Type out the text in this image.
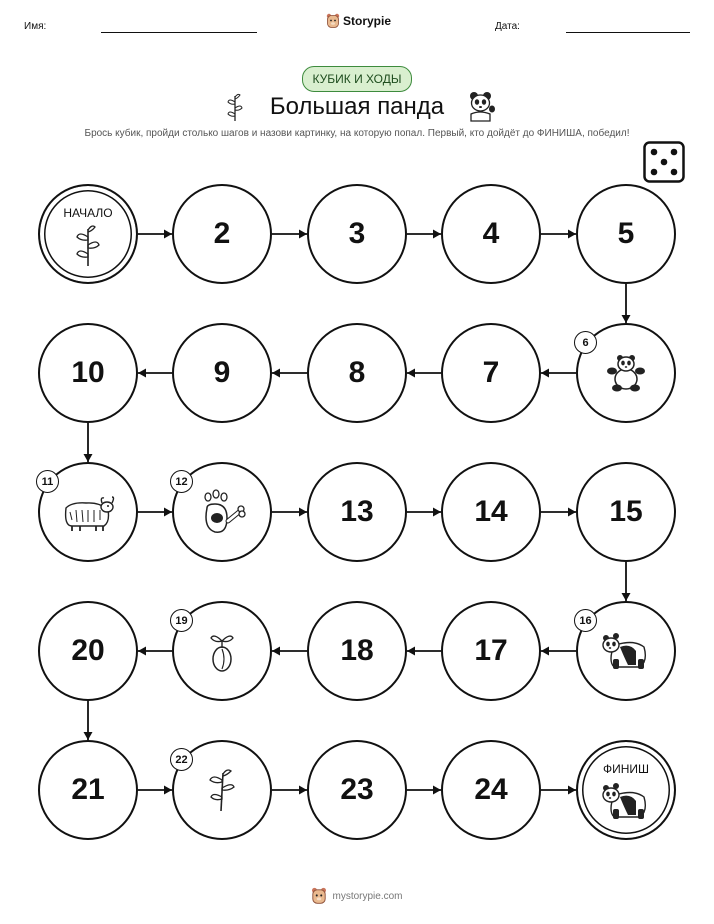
Имя:	Storypie	Дата:
КУБИК И ХОДЫ
Большая панда
Брось кубик, пройди столько шагов и назови картинку, на которую попал. Первый, кто дойдёт до ФИНИША, победил!
НАЧАЛО
2	3	4	5
6
7
8
9
10
11	12
13	14	15
16
17
18
19
20
21
22
23	24
ФИНИШ
mystorypie.com
